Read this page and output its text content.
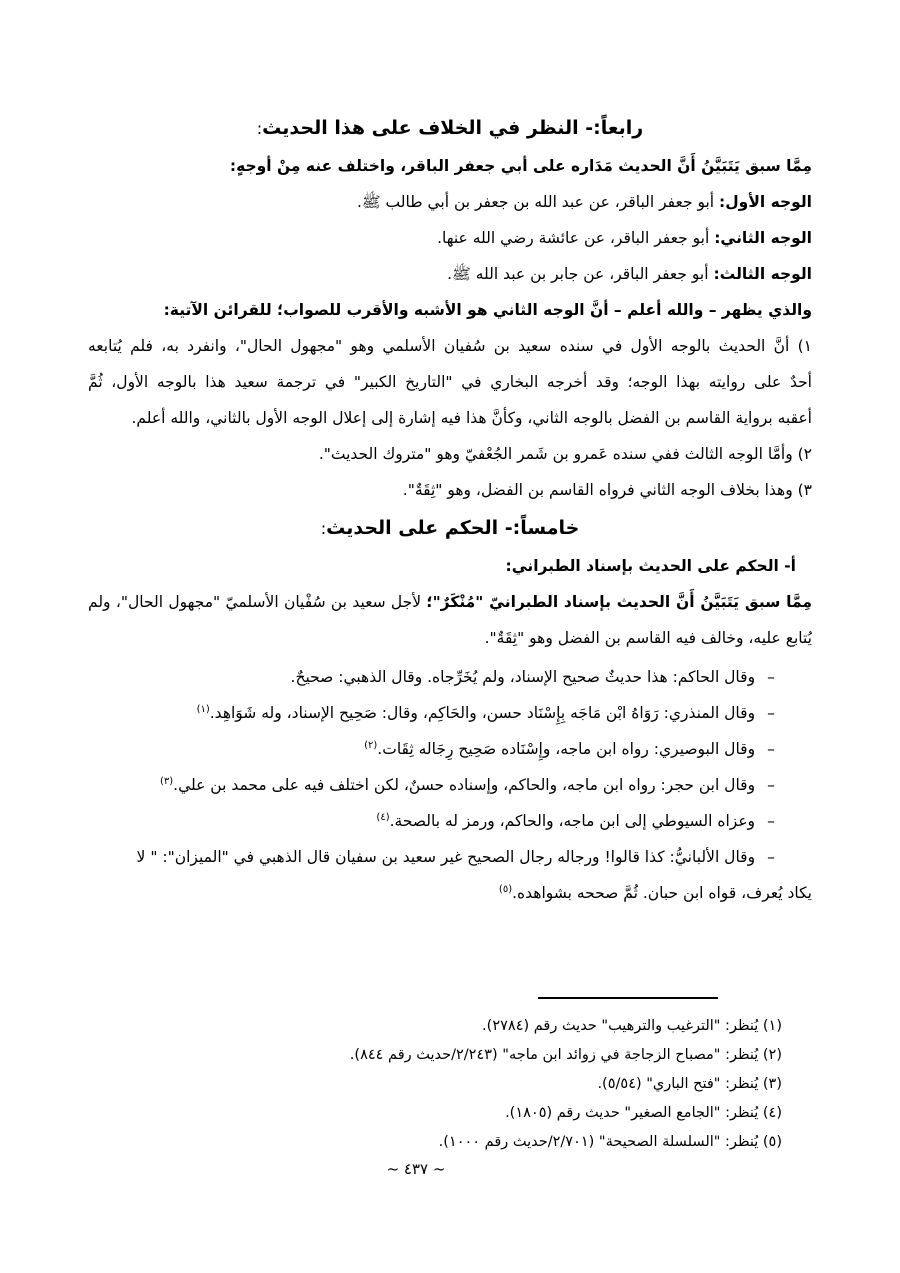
رابعاً:- النظر في الخلاف على هذا الحديث:
مِمَّا سبق يَتَبَيَّنُ أَنَّ الحديث مَدَاره على أبي جعفر الباقر، واختلف عنه مِنْ أوجهٍ:
الوجه الأول: أبو جعفر الباقر، عن عبد الله بن جعفر بن أبي طالب ﷺ.
الوجه الثاني: أبو جعفر الباقر، عن عائشة رضي الله عنها.
الوجه الثالث: أبو جعفر الباقر، عن جابر بن عبد الله ﷺ.
والذي يظهر – والله أعلم – أنَّ الوجه الثاني هو الأشبه والأقرب للصواب؛ للقرائن الآتية:
١) أنَّ الحديث بالوجه الأول في سنده سعيد بن سُفيان الأسلمي وهو "مجهول الحال"، وانفرد به، فلم يُتابعه
أحدٌ على روايته بهذا الوجه؛ وقد أخرجه البخاري في "التاريخ الكبير" في ترجمة سعيد هذا بالوجه الأول، ثُمَّ
أعقبه برواية القاسم بن الفضل بالوجه الثاني، وكأنَّ هذا فيه إشارة إلى إعلال الوجه الأول بالثاني، والله أعلم.
٢) وأمَّا الوجه الثالث ففي سنده عَمرو بن شَمر الجُعْفيّ وهو "متروك الحديث".
٣) وهذا بخلاف الوجه الثاني فرواه القاسم بن الفضل، وهو "ثِقَةٌ".
خامساً:- الحكم على الحديث:
أ- الحكم على الحديث بإسناد الطبراني:
مِمَّا سبق يَتَبَيَّنُ أَنَّ الحديث بإسناد الطبرانيّ "مُنْكَرٌ"؛ لأجل سعيد بن سُفْيان الأسلميّ "مجهول الحال"، ولم
يُتابع عليه، وخالف فيه القاسم بن الفضل وهو "ثِقَةٌ".
– وقال الحاكم: هذا حديثٌ صحيح الإسناد، ولم يُخَرِّجاه. وقال الذهبي: صحيحٌ.
– وقال المنذري: رَوَاهُ ابْن مَاجَه بِإِسْنَاد حسن، والحَاكِم، وقال: صَحِيح الإسناد، وله شَوَاهِد.$^{(١)}$
– وقال البوصيري: رواه ابن ماجه، وإِسْنَاده صَحِيح رِجَاله ثِقَات.$^{(٢)}$
– وقال ابن حجر: رواه ابن ماجه، والحاكم، وإسناده حسنٌ، لكن اختلف فيه على محمد بن علي.$^{(٣)}$
– وعزاه السيوطي إلى ابن ماجه، والحاكم، ورمز له بالصحة.$^{(٤)}$
– وقال الألبانيُّ: كذا قالوا! ورجاله رجال الصحيح غير سعيد بن سفيان قال الذهبي في "الميزان": " لا
يكاد يُعرف، قواه ابن حبان. ثُمَّ صححه بشواهده.$^{(٥)}$
(١) يُنظر: "الترغيب والترهيب" حديث رقم (٢٧٨٤).
(٢) يُنظر: "مصباح الزجاجة في زوائد ابن ماجه" (٢/٢٤٣/حديث رقم ٨٤٤).
(٣) يُنظر: "فتح الباري" (٥/٥٤).
(٤) يُنظر: "الجامع الصغير" حديث رقم (١٨٠٥).
(٥) يُنظر: "السلسلة الصحيحة" (٢/٧٠١/حديث رقم ١٠٠٠).
~ ٤٣٧ ~
